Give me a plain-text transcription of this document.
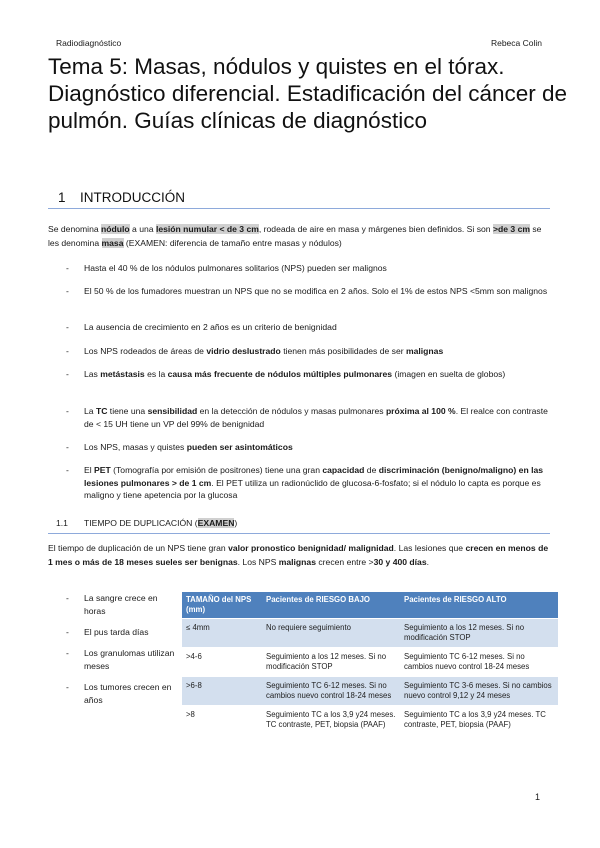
Radiodiagnóstico	Rebeca Colin
Tema 5: Masas, nódulos y quistes en el tórax. Diagnóstico diferencial. Estadificación del cáncer de pulmón. Guías clínicas de diagnóstico
1 INTRODUCCIÓN
Se denomina nódulo a una lesión numular < de 3 cm, rodeada de aire en masa y márgenes bien definidos. Si son >de 3 cm se les denomina masa (EXAMEN: diferencia de tamaño entre masas y nódulos)
- Hasta el 40 % de los nódulos pulmonares solitarios (NPS) pueden ser malignos
- El 50 % de los fumadores muestran un NPS que no se modifica en 2 años. Solo el 1% de estos NPS <5mm son malignos
- La ausencia de crecimiento en 2 años es un criterio de benignidad
- Los NPS rodeados de áreas de vidrio deslustrado tienen más posibilidades de ser malignas
- Las metástasis es la causa más frecuente de nódulos múltiples pulmonares (imagen en suelta de globos)
- La TC tiene una sensibilidad en la detección de nódulos y masas pulmonares próxima al 100 %. El realce con contraste de < 15 UH tiene un VP del 99% de benignidad
- Los NPS, masas y quistes pueden ser asintomáticos
- El PET (Tomografía por emisión de positrones) tiene una gran capacidad de discriminación (benigno/maligno) en las lesiones pulmonares > de 1 cm. El PET utiliza un radionúclido de glucosa-6-fosfato; si el nódulo lo capta es porque es maligno y tiene apetencia por la glucosa
1.1 TIEMPO DE DUPLICACIÓN (EXAMEN)
El tiempo de duplicación de un NPS tiene gran valor pronostico benignidad/ malignidad. Las lesiones que crecen en menos de 1 mes o más de 18 meses sueles ser benignas. Los NPS malignas crecen entre >30 y 400 días.
- La sangre crece en horas
- El pus tarda días
- Los granulomas utilizan meses
- Los tumores crecen en años
TAMAÑO del NPS (mm)	Pacientes de RIESGO BAJO	Pacientes de RIESGO ALTO
≤ 4mm	No requiere seguimiento	Seguimiento a los 12 meses. Si no modificación STOP
>4-6	Seguimiento a los 12 meses. Si no modificación STOP	Seguimiento TC 6-12 meses. Si no cambios nuevo control 18-24 meses
>6-8	Seguimiento TC 6-12 meses. Si no cambios nuevo control 18-24 meses	Seguimiento TC 3-6 meses. Si no cambios nuevo control 9,12 y 24 meses
>8	Seguimiento TC a los 3,9 y24 meses. TC contraste, PET, biopsia (PAAF)	Seguimiento TC a los 3,9 y24 meses. TC contraste, PET, biopsia (PAAF)
1
